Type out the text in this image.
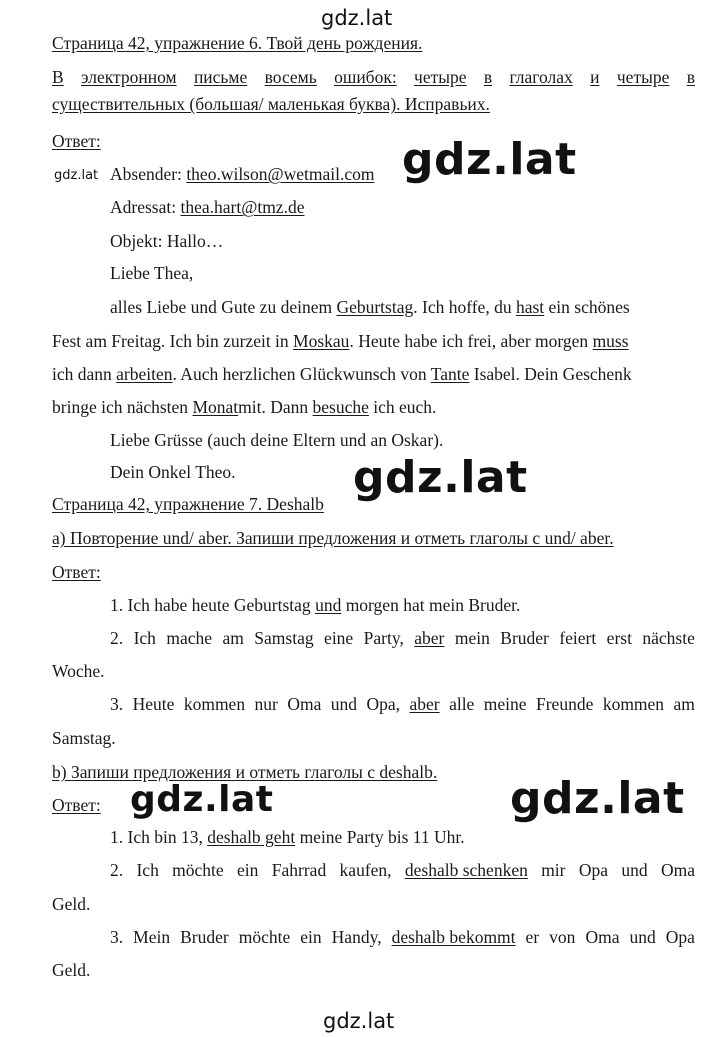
gdz.lat
gdz.lat
gdz.lat
gdz.lat
gdz.lat	gdz.lat
gdz.lat
Страница 42, упражнение 6. Твой день рождения.
В электронном письме восемь ошибок: четыре в глаголах и четыре в
существительных (большая/ маленькая буква). Исправьих.
Ответ:
Absender: theo.wilson@wetmail.com
Adressat: thea.hart@tmz.de
Objekt: Hallo…
Liebe Thea,
alles Liebe und Gute zu deinem Geburtstag. Ich hoffe, du hast ein schönes
Fest am Freitag. Ich bin zurzeit in Moskau. Heute habe ich frei, aber morgen muss
ich dann arbeiten. Auch herzlichen Glückwunsch von Tante Isabel. Dein Geschenk
bringe ich nächsten Monatmit. Dann besuche ich euch.
Liebe Grüsse (auch deine Eltern und an Oskar).
Dein Onkel Theo.
Страница 42, упражнение 7. Deshalb
a) Повторение und/ aber. Запиши предложения и отметь глаголы с und/ aber.
Ответ:
1. Ich habe heute Geburtstag und morgen hat mein Bruder.
2. Ich mache am Samstag eine Party, aber mein Bruder feiert erst nächste
Woche.
3. Heute kommen nur Oma und Opa, aber alle meine Freunde kommen am
Samstag.
b) Запиши предложения и отметь глаголы с deshalb.
Ответ:
1. Ich bin 13, deshalb geht meine Party bis 11 Uhr.
2. Ich möchte ein Fahrrad kaufen, deshalb schenken mir Opa und Oma
Geld.
3. Mein Bruder möchte ein Handy, deshalb bekommt er von Oma und Opa
Geld.
